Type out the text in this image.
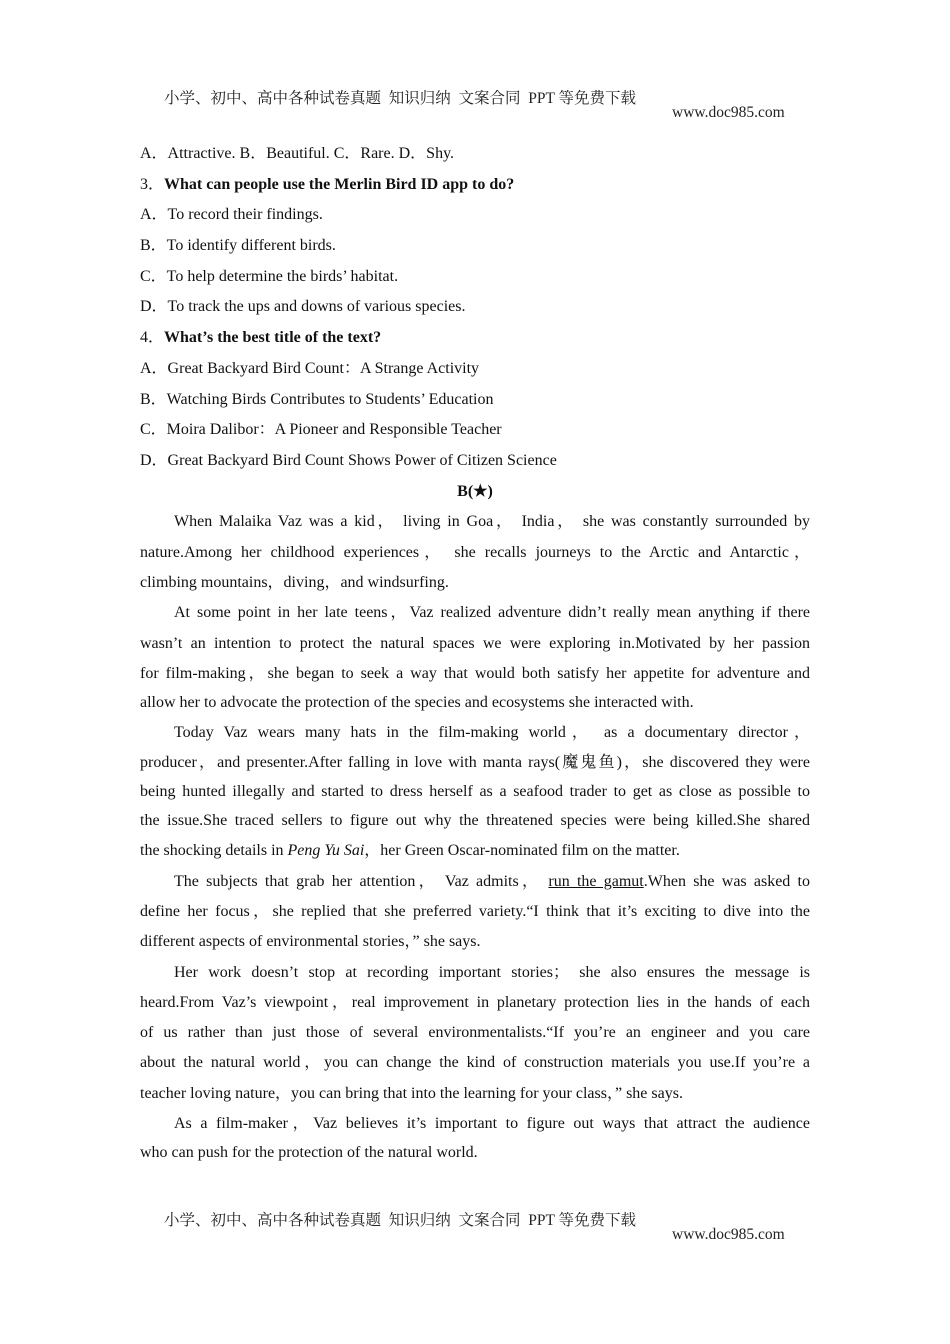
小学、初中、高中各种试卷真题  知识归纳  文案合同  PPT 等免费下载

www.doc985.com

A．Attractive. B．Beautiful. C．Rare. D．Shy.
3．What can people use the Merlin Bird ID app to do?
A．To record their findings.
B．To identify different birds.
C．To help determine the birds’ habitat.
D．To track the ups and downs of various species.
4．What’s the best title of the text?
A．Great Backyard Bird Count：A Strange Activity
B．Watching Birds Contributes to Students’ Education
C．Moira Dalibor：A Pioneer and Responsible Teacher
D．Great Backyard Bird Count Shows Power of Citizen Science
B(★)
When Malaika Vaz was a kid， living in Goa， India， she was constantly surrounded by
nature.Among her childhood experiences， she recalls journeys to the Arctic and Antarctic，
climbing mountains，diving，and windsurfing.
At some point in her late teens，Vaz realized adventure didn’t really mean anything if there
wasn’t an intention to protect the natural spaces we were exploring in.Motivated by her passion
for film-making，she began to seek a way that would both satisfy her appetite for adventure and
allow her to advocate the protection of the species and ecosystems she interacted with.
Today Vaz wears many hats in the film-making world， as a documentary director，
producer，and presenter.After falling in love with manta rays(魔鬼鱼)，she discovered they were
being hunted illegally and started to dress herself as a seafood trader to get as close as possible to
the issue.She traced sellers to figure out why the threatened species were being killed.She shared
the shocking details in Peng Yu Sai，her Green Oscar-nominated film on the matter.
The subjects that grab her attention， Vaz admits， run the gamut.When she was asked to
define her focus，she replied that she preferred variety.“I think that it’s exciting to dive into the
different aspects of environmental stories，” she says.
Her work doesn’t stop at recording important stories； she also ensures the message is
heard.From Vaz’s viewpoint，real improvement in planetary protection lies in the hands of each
of us rather than just those of several environmentalists.“If you’re an engineer and you care
about the natural world，you can change the kind of construction materials you use.If you’re a
teacher loving nature，you can bring that into the learning for your class，” she says.
As a film-maker，Vaz believes it’s important to figure out ways that attract the audience
who can push for the protection of the natural world.

小学、初中、高中各种试卷真题  知识归纳  文案合同  PPT 等免费下载

www.doc985.com
